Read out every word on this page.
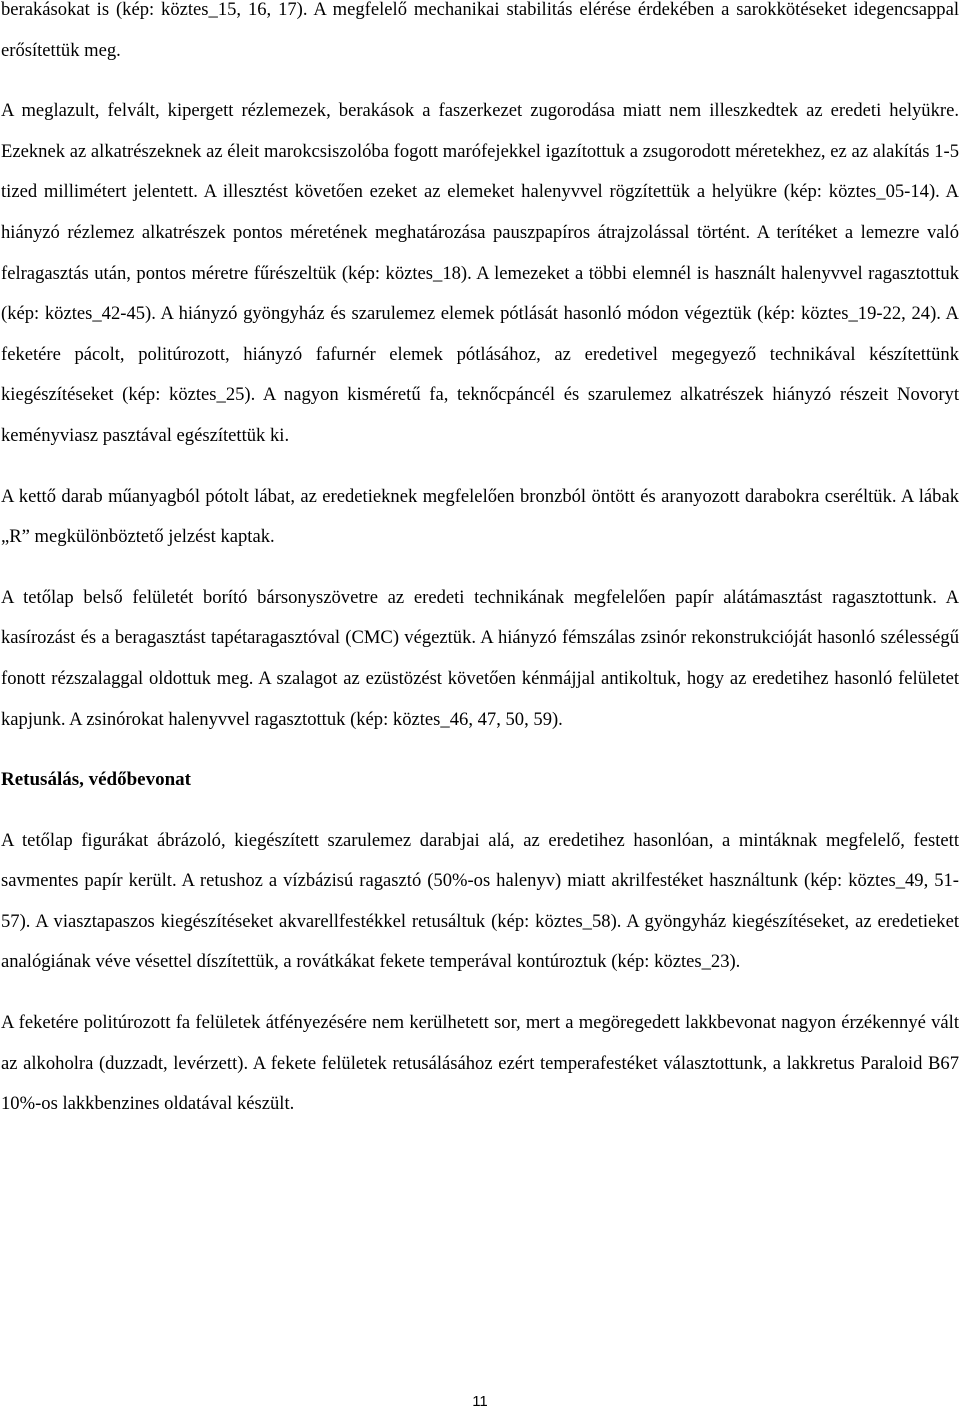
berakásokat is (kép: köztes_15, 16, 17). A megfelelő mechanikai stabilitás elérése érdekében a sarokkötéseket idegencsappal erősítettük meg.

A meglazult, felvált, kipergett rézlemezek, berakások a faszerkezet zugorodása miatt nem illeszkedtek az eredeti helyükre. Ezeknek az alkatrészeknek az éleit marokcsiszolóba fogott marófejekkel igazítottuk a zsugorodott méretekhez, ez az alakítás 1-5 tized millimétert jelentett. A illesztést követően ezeket az elemeket halenyvvel rögzítettük a helyükre (kép: köztes_05-14). A hiányzó rézlemez alkatrészek pontos méretének meghatározása pauszpapíros átrajzolással történt. A terítéket a lemezre való felragasztás után, pontos méretre fűrészeltük (kép: köztes_18). A lemezeket a többi elemnél is használt halenyvvel ragasztottuk (kép: köztes_42-45). A hiányzó gyöngyház és szarulemez elemek pótlását hasonló módon végeztük (kép: köztes_19-22, 24). A feketére pácolt, politúrozott, hiányzó fafurnér elemek pótlásához, az eredetivel megegyező technikával készítettünk kiegészítéseket (kép: köztes_25). A nagyon kisméretű fa, teknőcpáncél és szarulemez alkatrészek hiányzó részeit Novoryt keményviasz pasztával egészítettük ki.

A kettő darab műanyagból pótolt lábat, az eredetieknek megfelelően bronzból öntött és aranyozott darabokra cseréltük. A lábak „R” megkülönböztető jelzést kaptak.

A tetőlap belső felületét borító bársonyszövetre az eredeti technikának megfelelően papír alátámasztást ragasztottunk. A kasírozást és a beragasztást tapétaragasztóval (CMC) végeztük. A hiányzó fémszálas zsinór rekonstrukcióját hasonló szélességű fonott rézszalaggal oldottuk meg. A szalagot az ezüstözést követően kénmájjal antikoltuk, hogy az eredetihez hasonló felületet kapjunk. A zsinórokat halenyvvel ragasztottuk (kép: köztes_46, 47, 50, 59).

Retusálás, védőbevonat

A tetőlap figurákat ábrázoló, kiegészített szarulemez darabjai alá, az eredetihez hasonlóan, a mintáknak megfelelő, festett savmentes papír került. A retushoz a vízbázisú ragasztó (50%-os halenyv) miatt akrilfestéket használtunk (kép: köztes_49, 51-57). A viasztapaszos kiegészítéseket akvarellfestékkel retusáltuk (kép: köztes_58). A gyöngyház kiegészítéseket, az eredetieket analógiának véve vésettel díszítettük, a rovátkákat fekete temperával kontúroztuk (kép: köztes_23).

A feketére politúrozott fa felületek átfényezésére nem kerülhetett sor, mert a megöregedett lakkbevonat nagyon érzékennyé vált az alkoholra (duzzadt, levérzett). A fekete felületek retusálásához ezért temperafestéket választottunk, a lakkretus Paraloid B67 10%-os lakkbenzines oldatával készült.

11
